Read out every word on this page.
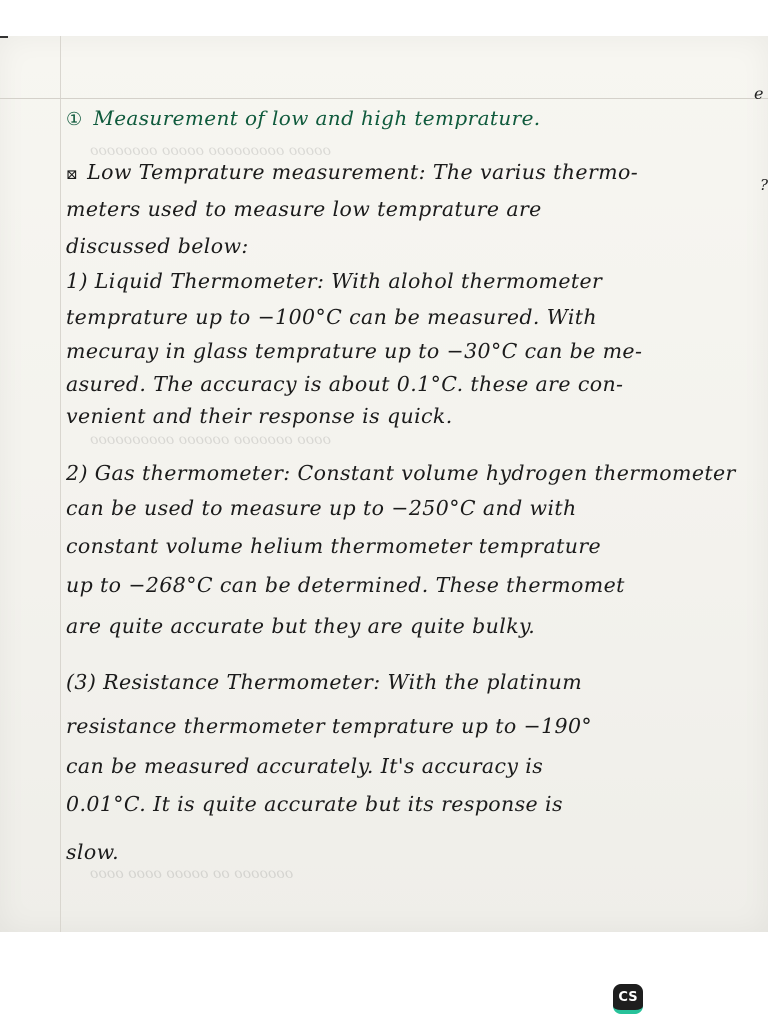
e
?
ooooo ooooooooo ooooo oooooooo
oooo ooooooo oooooo oooooooooo
ooooooo oo ooooo oooo oooo
① Measurement of low and high temprature.
⊠ Low Temprature measurement: The varius thermo-
meters used to measure low temprature are
discussed below:
1) Liquid Thermometer: With alohol thermometer
temprature up to −100°C can be measured. With
mecuray in glass temprature up to −30°C can be me-
asured. The accuracy is about 0.1°C. these are con-
venient and their response is quick.
2) Gas thermometer: Constant volume hydrogen thermometer
can be used to measure up to −250°C and with
constant volume helium thermometer temprature
up to −268°C can be determined. These thermomet
are quite accurate but they are quite bulky.
(3) Resistance Thermometer: With the platinum
resistance thermometer temprature up to −190°
can be measured accurately. It's accuracy is
0.01°C. It is quite accurate but its response is
slow.
CS
